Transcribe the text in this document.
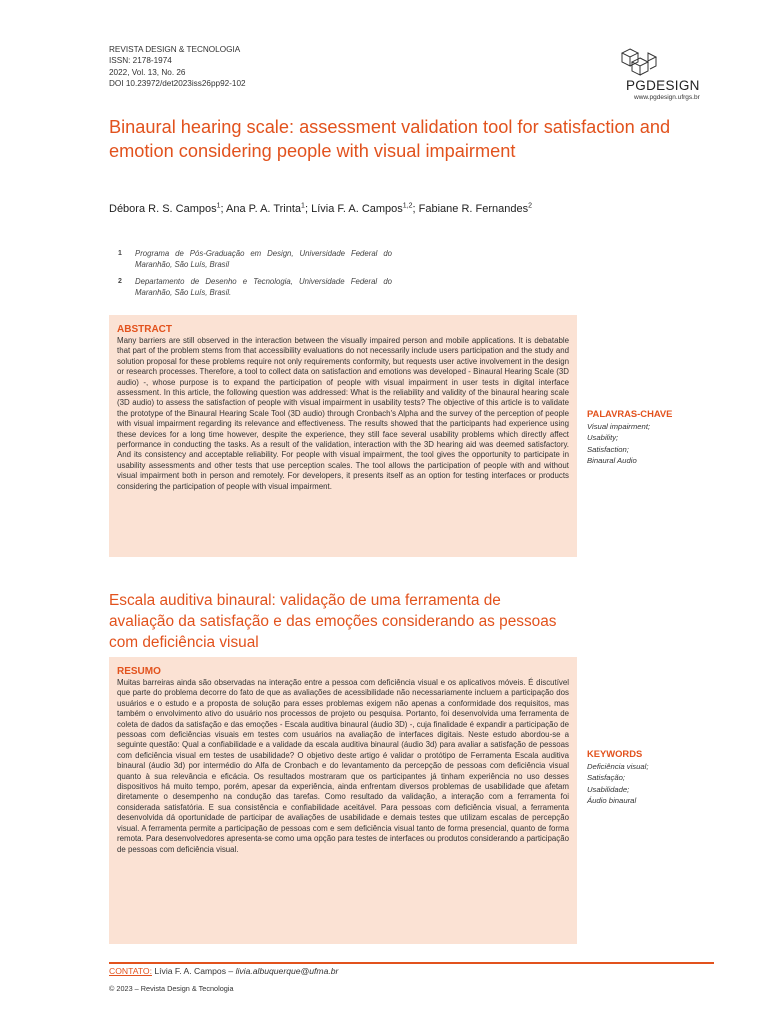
REVISTA DESIGN & TECNOLOGIA
ISSN: 2178-1974
2022, Vol. 13, No. 26
DOI 10.23972/det2023iss26pp92-102	PGDESIGN
www.pgdesign.ufrgs.br
Binaural hearing scale: assessment validation tool for satisfaction and emotion considering people with visual impairment
Débora R. S. Campos$^1$; Ana P. A. Trinta$^1$; Lívia F. A. Campos$^{1,2}$; Fabiane R. Fernandes$^2$
1 Programa de Pós-Graduação em Design, Universidade Federal do Maranhão, São Luís, Brasil
2 Departamento de Desenho e Tecnologia, Universidade Federal do Maranhão, São Luís, Brasil.
ABSTRACT

Many barriers are still observed in the interaction between the visually impaired person and mobile applications. It is debatable that part of the problem stems from that accessibility evaluations do not necessarily include users participation and the study and solution proposal for these problems require not only requirements conformity, but requests user active involvement in the design or research processes. Therefore, a tool to collect data on satisfaction and emotions was developed - Binaural Hearing Scale (3D audio) -, whose purpose is to expand the participation of people with visual impairment in user tests in digital interface assessment. In this article, the following question was addressed: What is the reliability and validity of the binaural hearing scale (3D audio) to assess the satisfaction of people with visual impairment in usability tests? The objective of this article is to validate the prototype of the Binaural Hearing Scale Tool (3D audio) through Cronbach's Alpha and the survey of the perception of people with visual impairment regarding its relevance and effectiveness. The results showed that the participants had experience using these devices for a long time however, despite the experience, they still face several usability problems which directly affect performance in conducting the tasks. As a result of the validation, interaction with the 3D hearing aid was deemed satisfactory. And its consistency and acceptable reliability. For people with visual impairment, the tool gives the opportunity to participate in usability assessments and other tests that use perception scales. The tool allows the participation of people with and without visual impairment both in person and remotely. For developers, it presents itself as an option for testing interfaces or products considering the participation of people with visual impairment.

PALAVRAS-CHAVE
Visual impairment;
Usability;
Satisfaction;
Binaural Audio
Escala auditiva binaural: validação de uma ferramenta de avaliação da satisfação e das emoções considerando as pessoas com deficiência visual
RESUMO

Muitas barreiras ainda são observadas na interação entre a pessoa com deficiência visual e os aplicativos móveis. É discutível que parte do problema decorre do fato de que as avaliações de acessibilidade não necessariamente incluem a participação dos usuários e o estudo e a proposta de solução para esses problemas exigem não apenas a conformidade dos requisitos, mas também o envolvimento ativo do usuário nos processos de projeto ou pesquisa. Portanto, foi desenvolvida uma ferramenta de coleta de dados da satisfação e das emoções - Escala auditiva binaural (áudio 3D) -, cuja finalidade é expandir a participação de pessoas com deficiências visuais em testes com usuários na avaliação de interfaces digitais. Neste estudo abordou-se a seguinte questão: Qual a confiabilidade e a validade da escala auditiva binaural (áudio 3d) para avaliar a satisfação de pessoas com deficiência visual em testes de usabilidade? O objetivo deste artigo é validar o protótipo de Ferramenta Escala auditiva binaural (áudio 3d) por intermédio do Alfa de Cronbach e do levantamento da percepção de pessoas com deficiência visual quanto à sua relevância e eficácia. Os resultados mostraram que os participantes já tinham experiência no uso desses dispositivos há muito tempo, porém, apesar da experiência, ainda enfrentam diversos problemas de usabilidade que afetam diretamente o desempenho na condução das tarefas. Como resultado da validação, a interação com a ferramenta foi considerada satisfatória. E sua consistência e confiabilidade aceitável. Para pessoas com deficiência visual, a ferramenta desenvolvida dá oportunidade de participar de avaliações de usabilidade e demais testes que utilizam escalas de percepção visual. A ferramenta permite a participação de pessoas com e sem deficiência visual tanto de forma presencial, quanto de forma remota. Para desenvolvedores apresenta-se como uma opção para testes de interfaces ou produtos considerando a participação de pessoas com deficiência visual.

KEYWORDS
Deficiência visual;
Satisfação;
Usabilidade;
Áudio binaural
CONTATO: Lívia F. A. Campos – livia.albuquerque@ufma.br
© 2023 – Revista Design & Tecnologia
